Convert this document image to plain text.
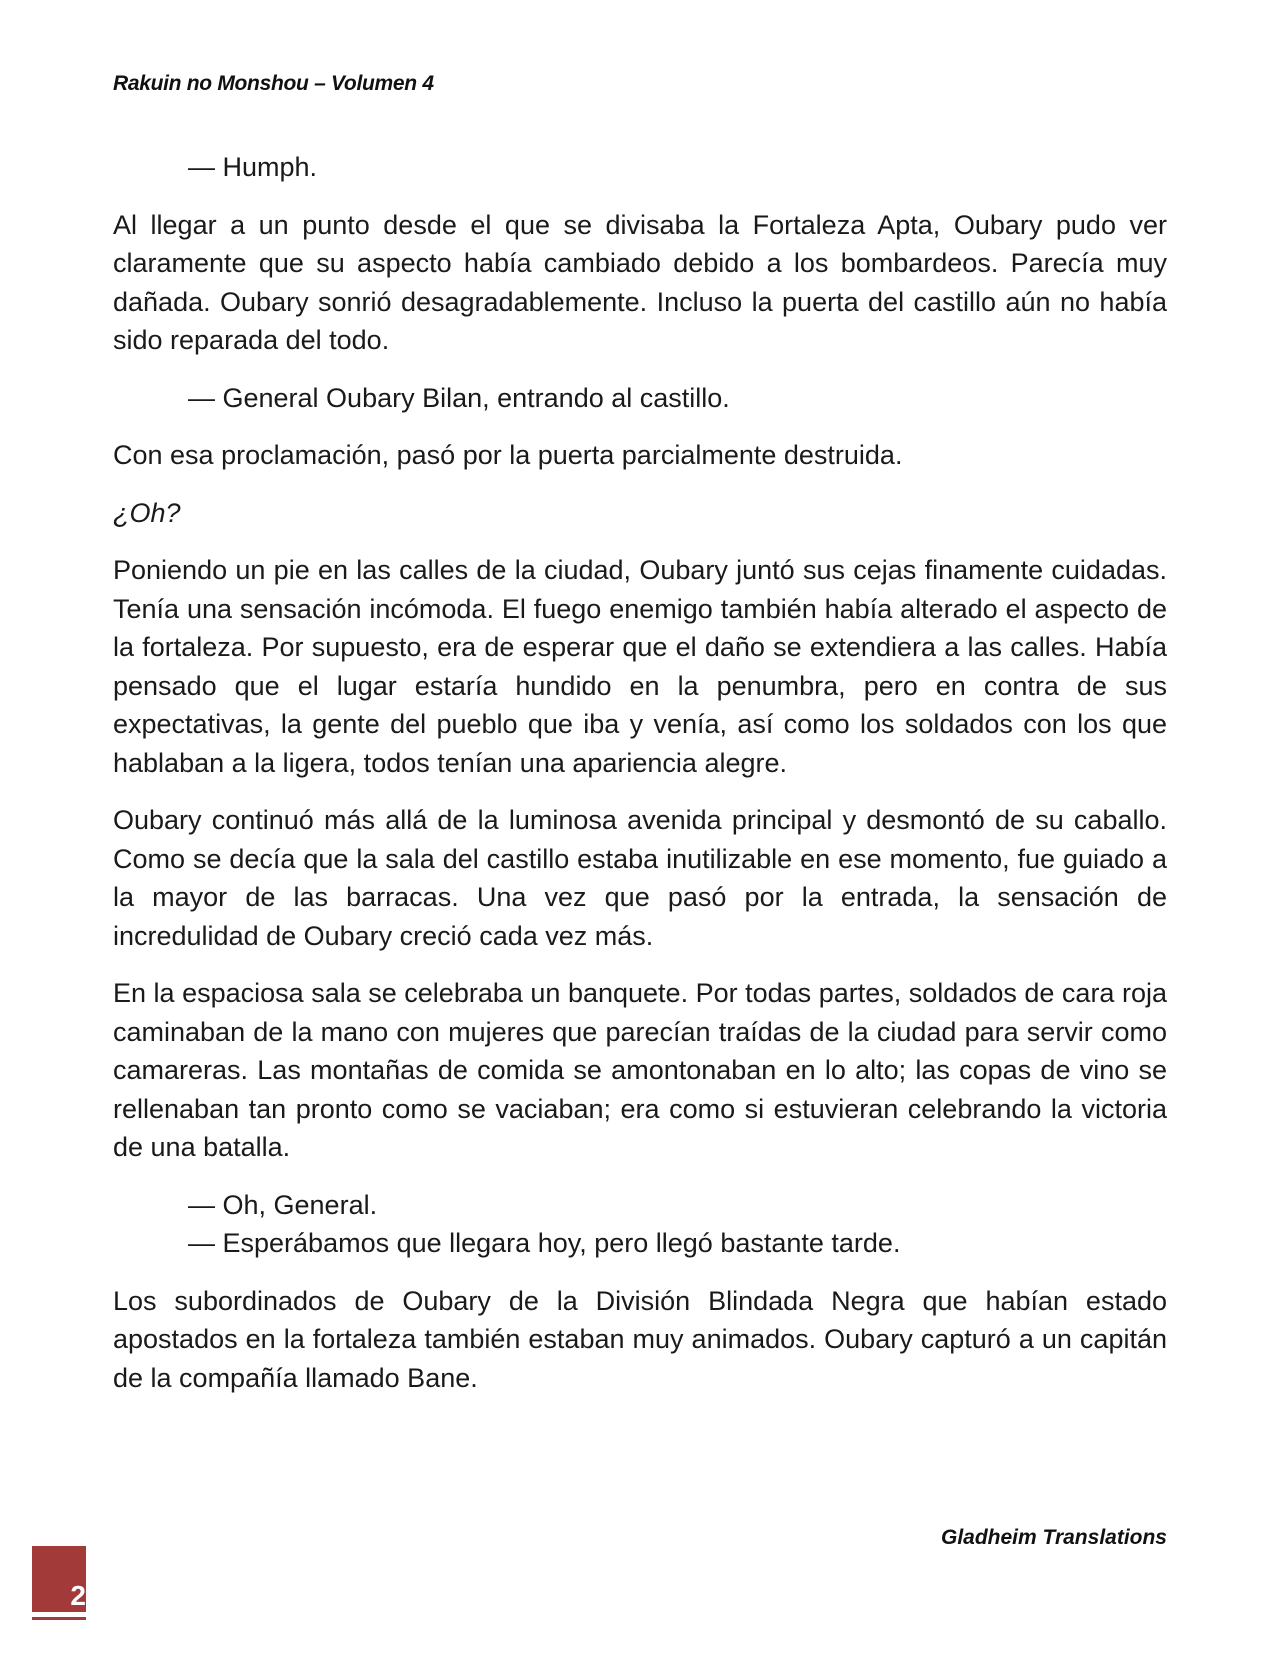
Rakuin no Monshou – Volumen 4

— Humph.

Al llegar a un punto desde el que se divisaba la Fortaleza Apta, Oubary pudo ver claramente que su aspecto había cambiado debido a los bombardeos. Parecía muy dañada. Oubary sonrió desagradablemente. Incluso la puerta del castillo aún no había sido reparada del todo.

— General Oubary Bilan, entrando al castillo.

Con esa proclamación, pasó por la puerta parcialmente destruida.

¿Oh?

Poniendo un pie en las calles de la ciudad, Oubary juntó sus cejas finamente cuidadas. Tenía una sensación incómoda. El fuego enemigo también había alterado el aspecto de la fortaleza. Por supuesto, era de esperar que el daño se extendiera a las calles. Había pensado que el lugar estaría hundido en la penumbra, pero en contra de sus expectativas, la gente del pueblo que iba y venía, así como los soldados con los que hablaban a la ligera, todos tenían una apariencia alegre.

Oubary continuó más allá de la luminosa avenida principal y desmontó de su caballo. Como se decía que la sala del castillo estaba inutilizable en ese momento, fue guiado a la mayor de las barracas. Una vez que pasó por la entrada, la sensación de incredulidad de Oubary creció cada vez más.

En la espaciosa sala se celebraba un banquete. Por todas partes, soldados de cara roja caminaban de la mano con mujeres que parecían traídas de la ciudad para servir como camareras. Las montañas de comida se amontonaban en lo alto; las copas de vino se rellenaban tan pronto como se vaciaban; era como si estuvieran celebrando la victoria de una batalla.

— Oh, General.

— Esperábamos que llegara hoy, pero llegó bastante tarde.

Los subordinados de Oubary de la División Blindada Negra que habían estado apostados en la fortaleza también estaban muy animados. Oubary capturó a un capitán de la compañía llamado Bane.

Gladheim Translations
2
